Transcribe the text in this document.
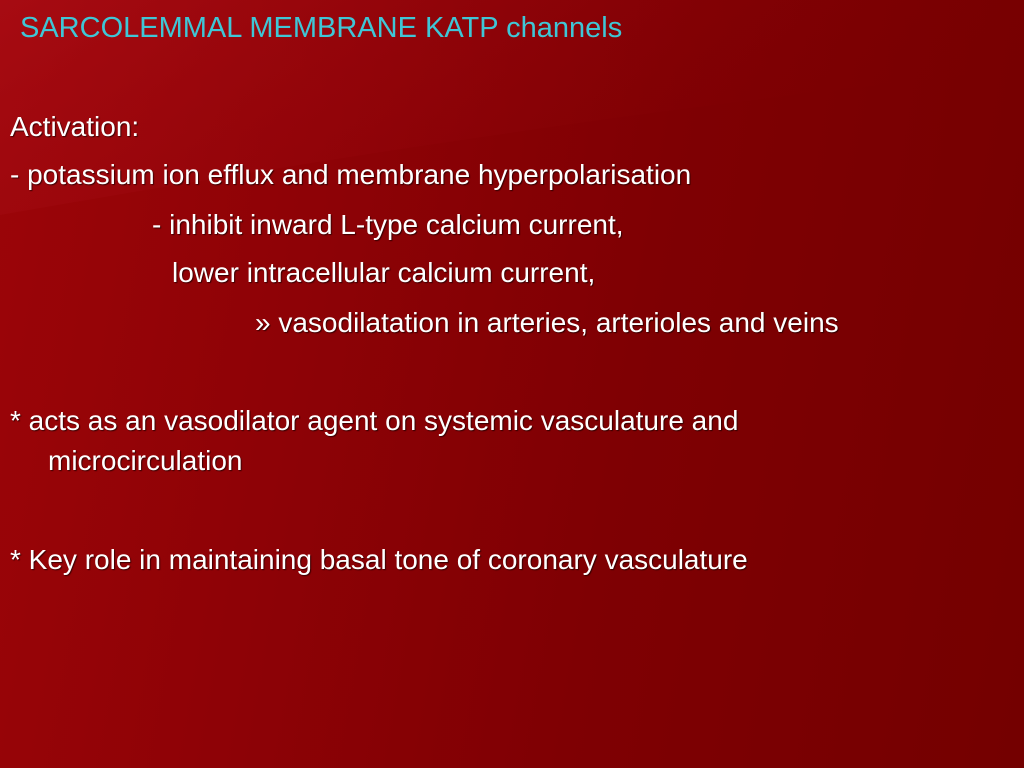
SARCOLEMMAL MEMBRANE KATP channels

Activation:

- potassium ion efflux and membrane hyperpolarisation

- inhibit inward L-type calcium current,

lower intracellular calcium current,

» vasodilatation in arteries, arterioles and veins

* acts as an vasodilator agent on systemic vasculature and

microcirculation

* Key role in maintaining basal tone of coronary vasculature
